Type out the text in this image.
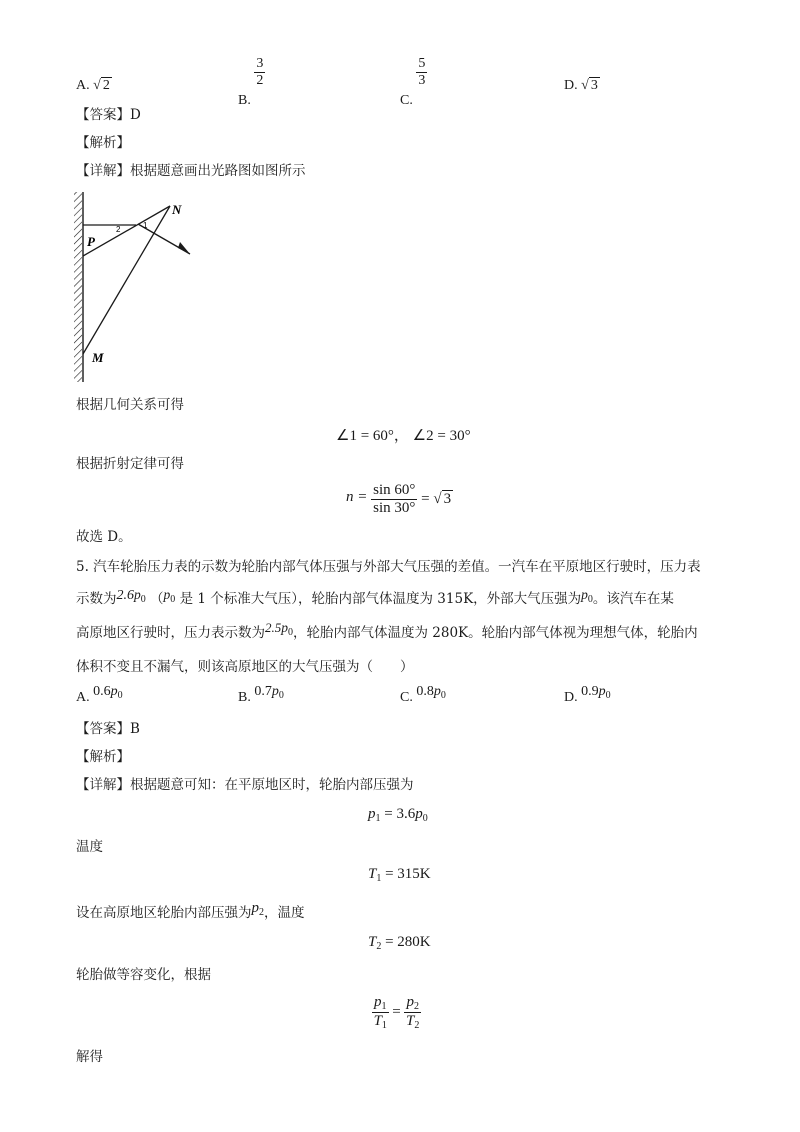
A. √ 2
B.
$\frac{3}{2}$
C.
$\frac{5}{3}$	D. √ 3
【答案】D
【解析】
【详解】根据题意画出光路图如图所示
N
P
M
1
2
根据几何关系可得
∠1 = 60°， ∠2 = 30°
根据折射定律可得
$n = \frac{\sin 60^\circ}{\sin 30^\circ}$ = √ 3
故选 D。
5. 汽车轮胎压力表的示数为轮胎内部气体压强与外部大气压强的差值。一汽车在平原地区行驶时，压力表
示数为$2.6p_0$ （$p_0$ 是 1 个标准大气压），轮胎内部气体温度为 315K，外部大气压强为$p_0$。该汽车在某
高原地区行驶时，压力表示数为$2.5p_0$，轮胎内部气体温度为 280K。轮胎内部气体视为理想气体，轮胎内
体积不变且不漏气，则该高原地区的大气压强为（　　）
A. $0.6p^0$	B. $0.7p^0$	C. $0.8p^0$	D. $0.9p^0$
【答案】B
【解析】
【详解】根据题意可知：在平原地区时，轮胎内部压强为
$p_1 = 3.6p_0$
温度
$T_1 = 315K$
设在高原地区轮胎内部压强为$p_2$，温度
$T_2 = 280K$
轮胎做等容变化，根据
$\frac{p_1}{T_1} = \frac{p_2}{T_2}$
解得
